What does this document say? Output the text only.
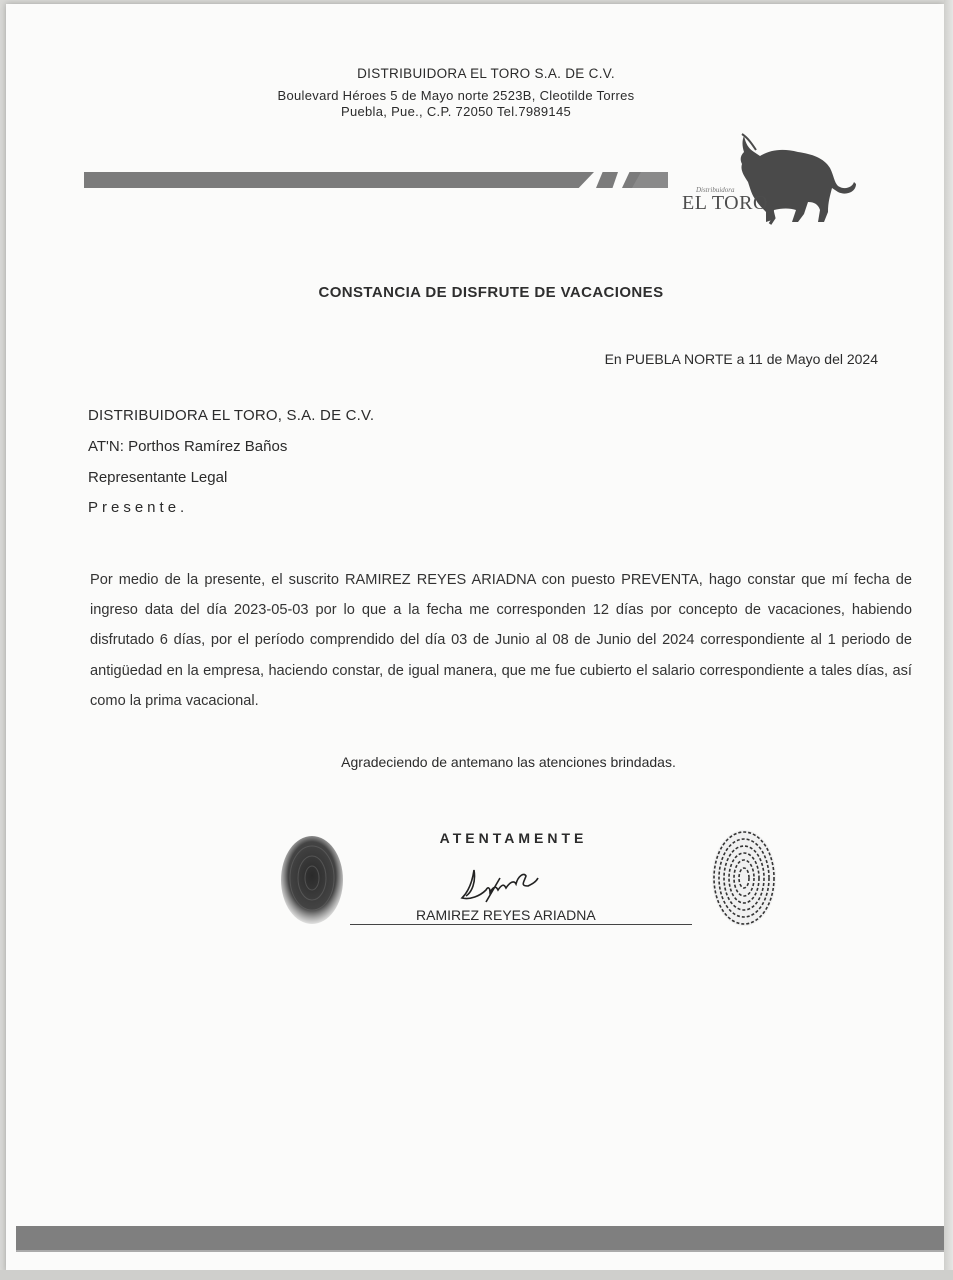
DISTRIBUIDORA EL TORO S.A. DE C.V.
Boulevard Héroes 5 de Mayo norte 2523B, Cleotilde Torres
Puebla, Pue., C.P. 72050 Tel.7989145
Distribuidora
EL TORO
CONSTANCIA DE DISFRUTE DE VACACIONES
En PUEBLA NORTE a 11 de Mayo del 2024
DISTRIBUIDORA EL TORO, S.A. DE C.V.
AT'N: Porthos Ramírez Baños
Representante Legal
Presente.
Por medio de la presente, el suscrito RAMIREZ REYES ARIADNA con puesto PREVENTA, hago constar que mí fecha de ingreso data del día 2023-05-03 por lo que a la fecha me corresponden 12 días por concepto de vacaciones, habiendo disfrutado 6 días, por el período comprendido del día 03 de Junio al 08 de Junio del 2024 correspondiente al 1 periodo de antigüedad en la empresa, haciendo constar, de igual manera, que me fue cubierto el salario correspondiente a tales días, así como la prima vacacional.
Agradeciendo de antemano las atenciones brindadas.
ATENTAMENTE
RAMIREZ REYES ARIADNA
